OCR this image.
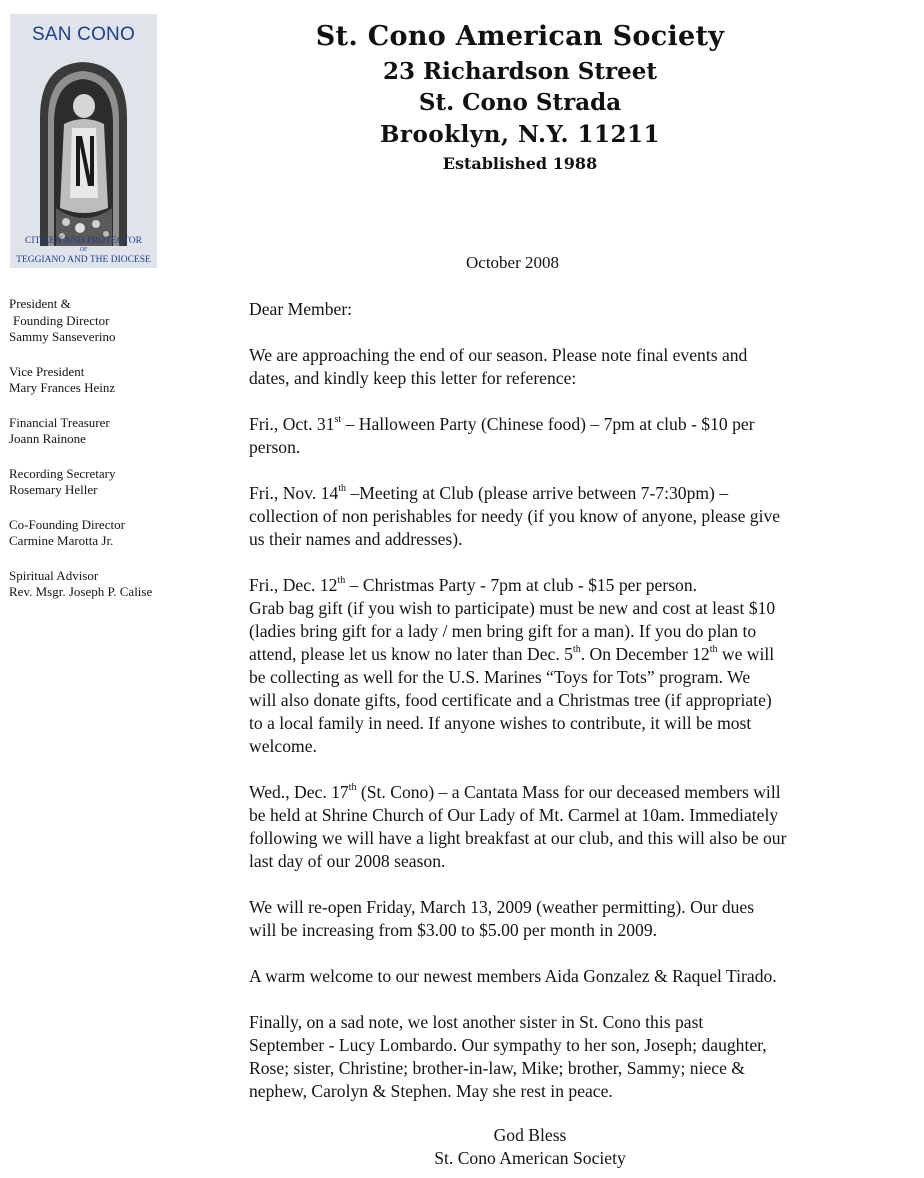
SAN CONO
CITIZEN AND PROTECTOR
OF
TEGGIANO AND THE DIOCESE
President &
Founding Director
Sammy Sanseverino
Vice President
Mary Frances Heinz
Financial Treasurer
Joann Rainone
Recording Secretary
Rosemary Heller
Co-Founding Director
Carmine Marotta Jr.
Spiritual Advisor
Rev. Msgr. Joseph P. Calise
St. Cono American Society
23 Richardson Street
St. Cono Strada
Brooklyn, N.Y. 11211
Established 1988
October 2008

Dear Member:

We are approaching the end of our season. Please note final events and

dates, and kindly keep this letter for reference:

Fri., Oct. 31st – Halloween Party (Chinese food) – 7pm at club - $10 per

person.

Fri., Nov. 14th –Meeting at Club (please arrive between 7-7:30pm) –

collection of non perishables for needy (if you know of anyone, please give

us their names and addresses).

Fri., Dec. 12th – Christmas Party - 7pm at club - $15 per person.

Grab bag gift (if you wish to participate) must be new and cost at least $10

(ladies bring gift for a lady / men bring gift for a man). If you do plan to

attend, please let us know no later than Dec. 5th. On December 12th we will

be collecting as well for the U.S. Marines “Toys for Tots” program. We

will also donate gifts, food certificate and a Christmas tree (if appropriate)

to a local family in need. If anyone wishes to contribute, it will be most

welcome.

Wed., Dec. 17th (St. Cono) – a Cantata Mass for our deceased members will

be held at Shrine Church of Our Lady of Mt. Carmel at 10am. Immediately

following we will have a light breakfast at our club, and this will also be our

last day of our 2008 season.

We will re-open Friday, March 13, 2009 (weather permitting). Our dues

will be increasing from $3.00 to $5.00 per month in 2009.

A warm welcome to our newest members Aida Gonzalez & Raquel Tirado.

Finally, on a sad note, we lost another sister in St. Cono this past

September - Lucy Lombardo. Our sympathy to her son, Joseph; daughter,

Rose; sister, Christine; brother-in-law, Mike; brother, Sammy; niece &

nephew, Carolyn & Stephen. May she rest in peace.

God Bless
St. Cono American Society
